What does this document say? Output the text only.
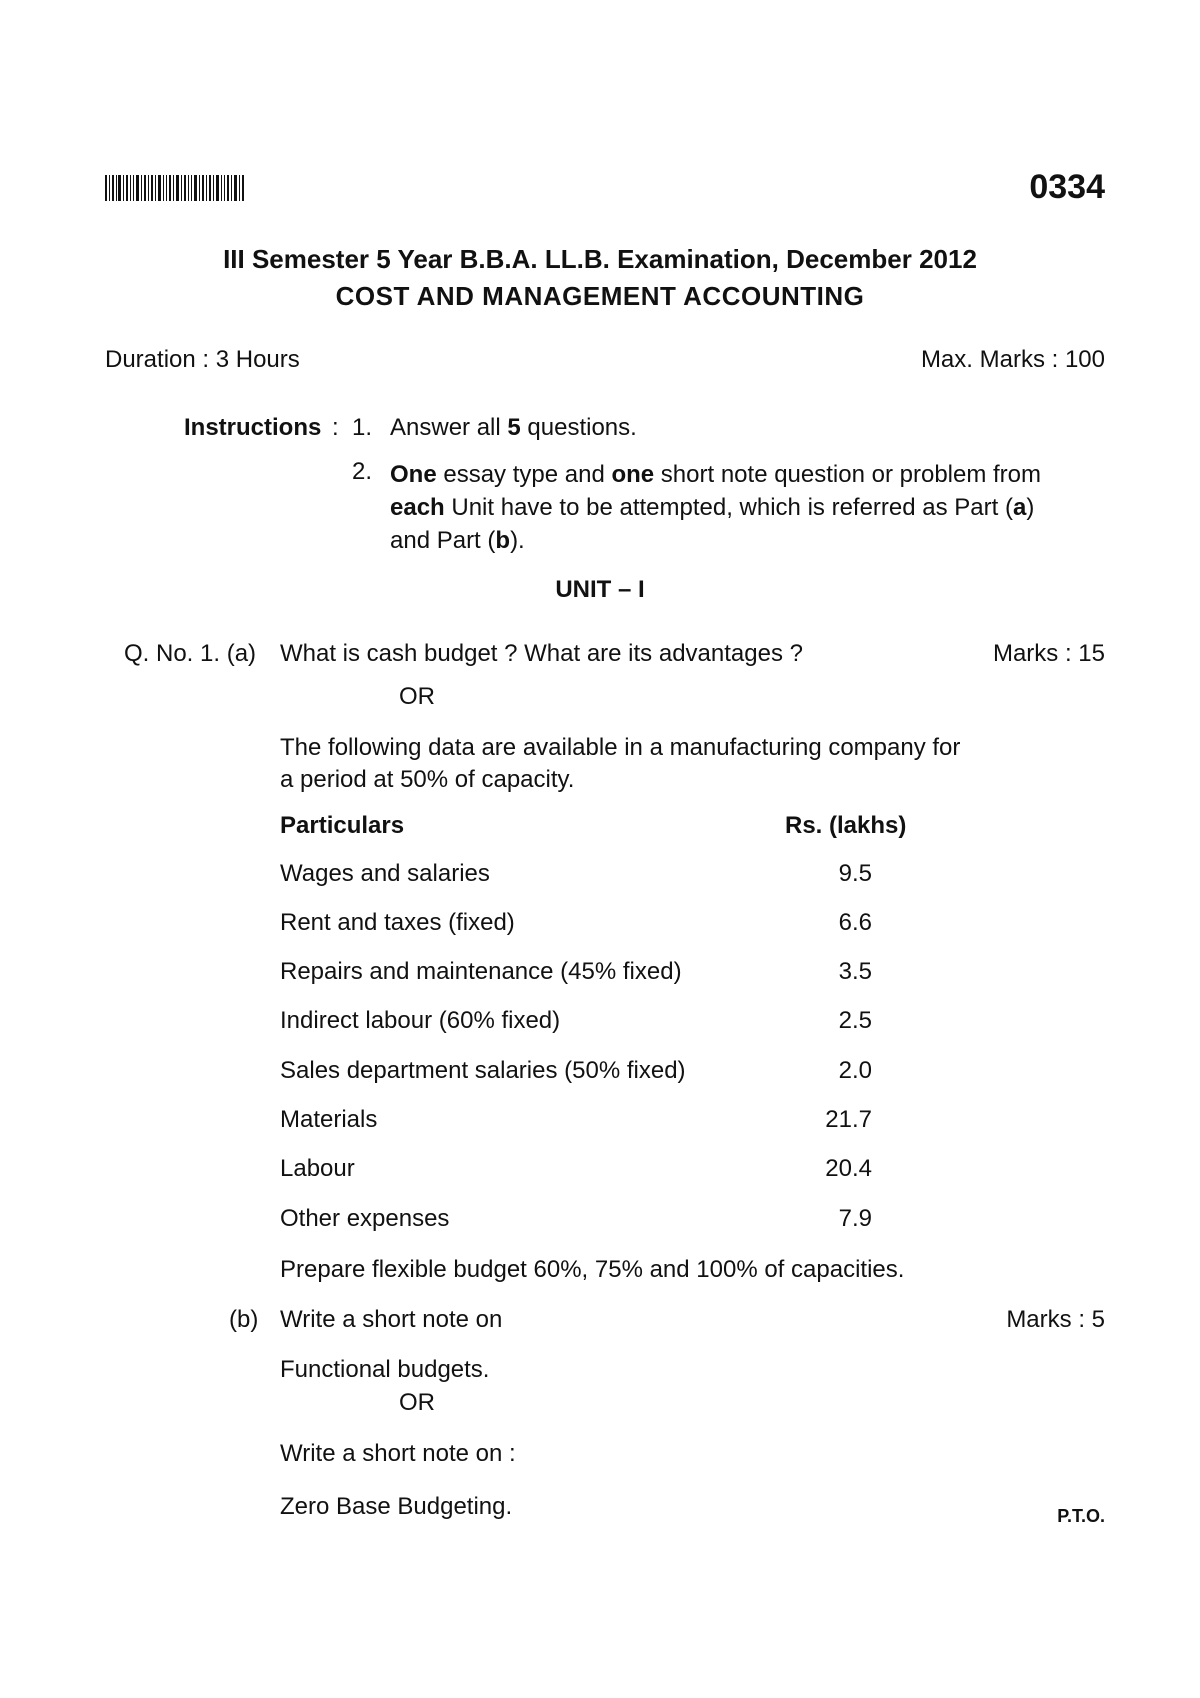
0334
III Semester 5 Year B.B.A. LL.B. Examination, December 2012
COST AND MANAGEMENT ACCOUNTING
Duration : 3 Hours	Max. Marks : 100
Instructions : 1. Answer all 5 questions.
2. One essay type and one short note question or problem from each Unit have to be attempted, which is referred as Part (a) and Part (b).
UNIT – I
Q. No. 1. (a) What is cash budget ? What are its advantages ?	Marks : 15
OR
The following data are available in a manufacturing company for a period at 50% of capacity.
Particulars	Rs. (lakhs)
Wages and salaries	9.5
Rent and taxes (fixed)	6.6
Repairs and maintenance (45% fixed)	3.5
Indirect labour (60% fixed)	2.5
Sales department salaries (50% fixed)	2.0
Materials	21.7
Labour	20.4
Other expenses	7.9
Prepare flexible budget 60%, 75% and 100% of capacities.
(b) Write a short note on	Marks : 5
Functional budgets.
OR
Write a short note on :
Zero Base Budgeting.	P.T.O.
